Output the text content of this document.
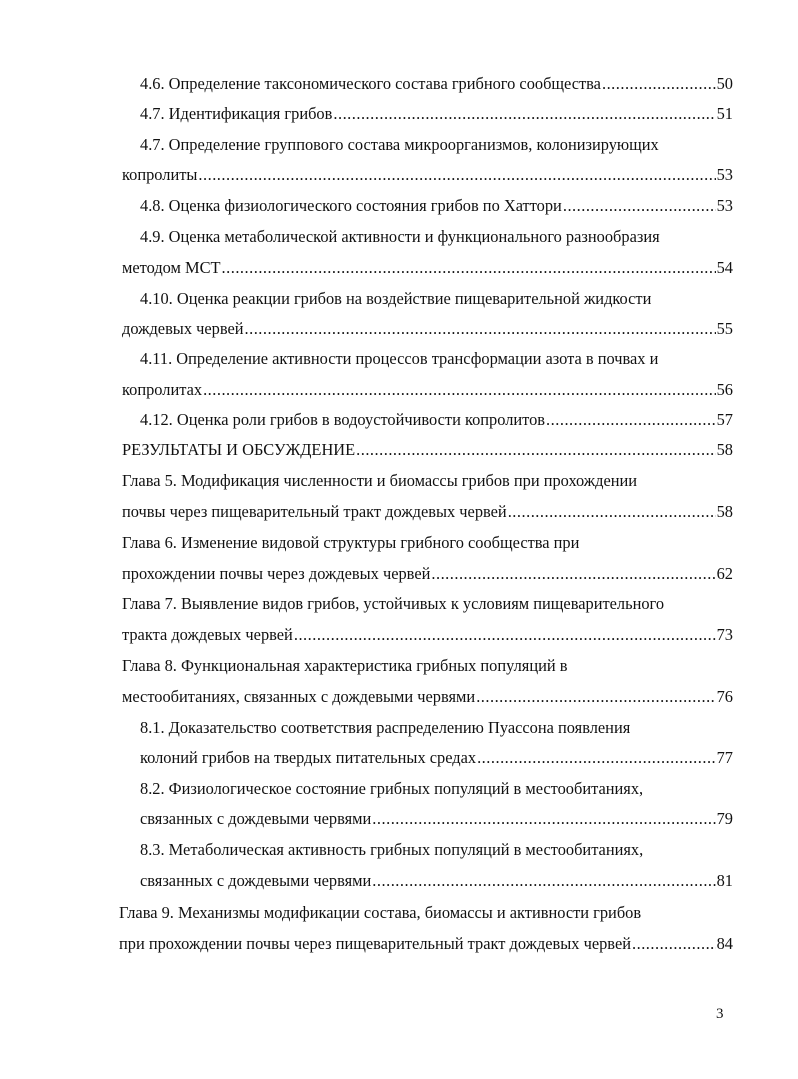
4.6. Определение таксономического состава грибного сообщества .....	50
4.7. Идентификация грибов .....	51
4.7. Определение группового состава микроорганизмов, колонизирующих
копролиты .....	53
4.8. Оценка физиологического состояния грибов по Хаттори .....	53
4.9. Оценка метаболической активности и функционального разнообразия
методом МСТ .....	54
4.10. Оценка реакции грибов на воздействие пищеварительной жидкости
дождевых червей .....	55
4.11. Определение активности процессов трансформации азота в почвах и
копролитах .....	56
4.12. Оценка роли грибов в водоустойчивости копролитов .....	57
РЕЗУЛЬТАТЫ И ОБСУЖДЕНИЕ .....	58
Глава 5. Модификация численности и биомассы грибов при прохождении
почвы через пищеварительный тракт дождевых червей .....	58
Глава 6. Изменение видовой структуры грибного сообщества при
прохождении почвы через дождевых червей .....	62
Глава 7. Выявление видов грибов, устойчивых к условиям пищеварительного
тракта дождевых червей .....	73
Глава 8. Функциональная характеристика грибных популяций в
местообитаниях, связанных с дождевыми червями .....	76
8.1. Доказательство соответствия распределению Пуассона появления
колоний грибов на твердых питательных средах .....	77
8.2. Физиологическое состояние грибных популяций в местообитаниях,
связанных с дождевыми червями .....	79
8.3. Метаболическая активность грибных популяций в местообитаниях,
связанных с дождевыми червями .....	81
Глава 9. Механизмы модификации состава, биомассы и активности грибов
при прохождении почвы через пищеварительный тракт дождевых червей .....	84
3
